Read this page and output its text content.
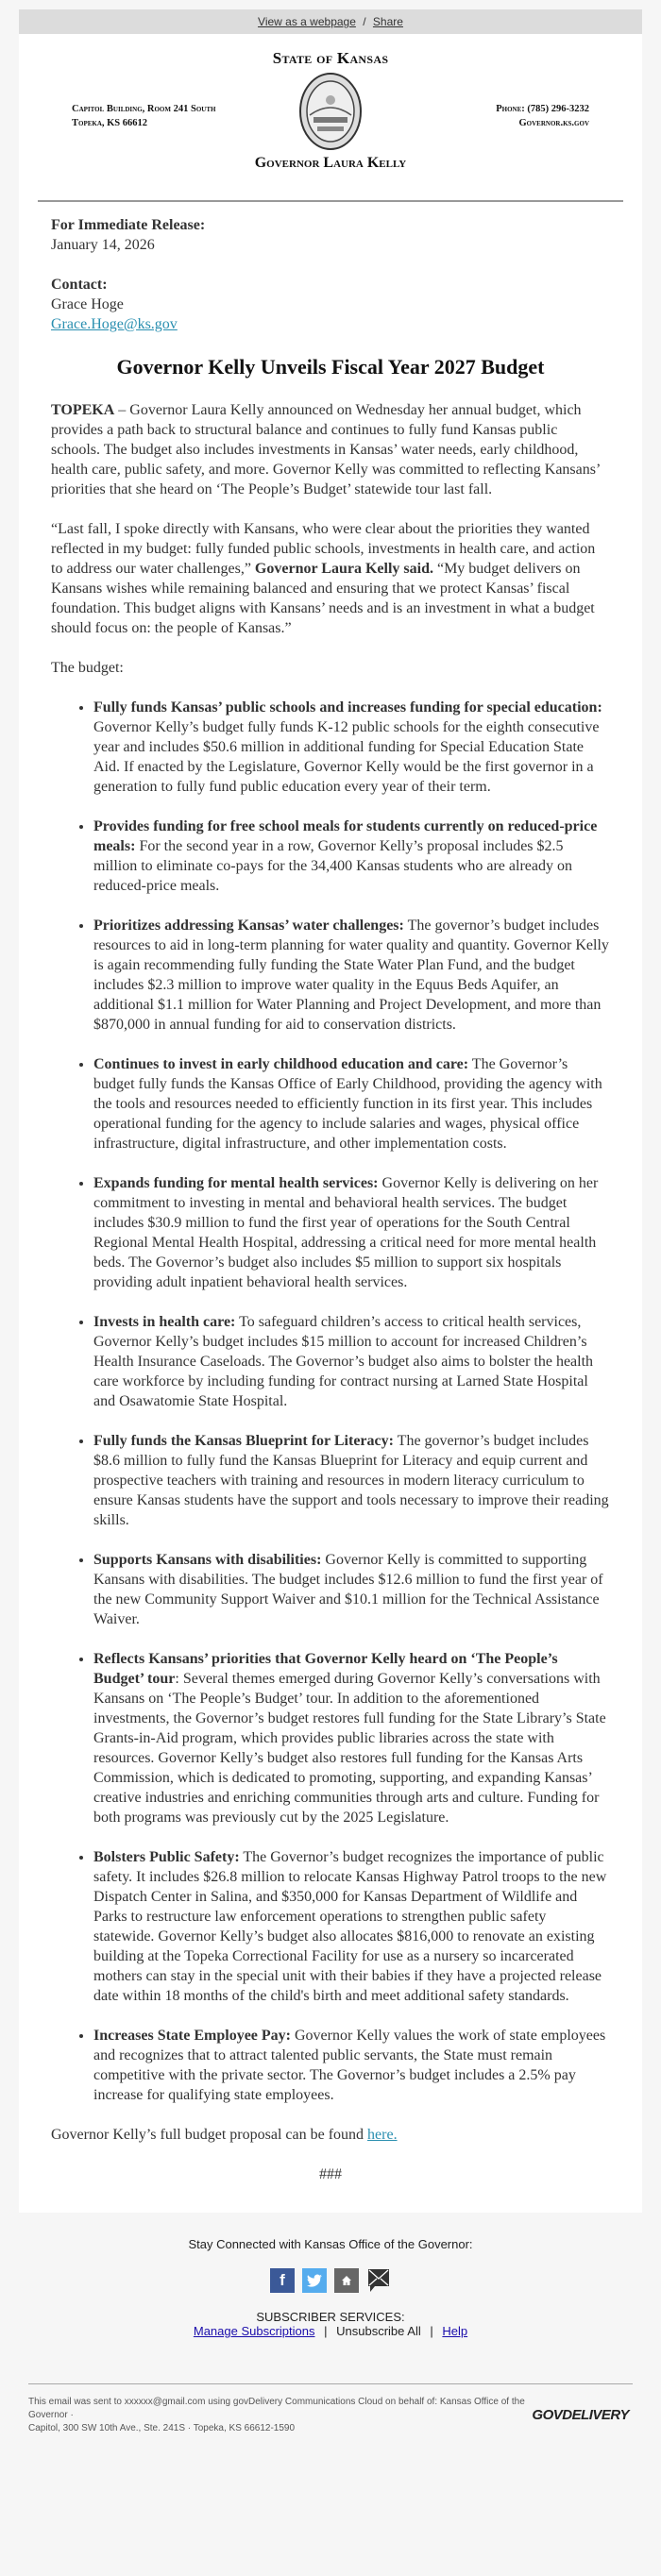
View as a webpage / Share
State of Kansas
Governor Laura Kelly
Capitol Building, Room 241 South
Topeka, KS 66612
Phone: (785) 296-3232
Governor.ks.gov

For Immediate Release:
January 14, 2026

Contact:
Grace Hoge
Grace.Hoge@ks.gov

Governor Kelly Unveils Fiscal Year 2027 Budget

TOPEKA – Governor Laura Kelly announced on Wednesday her annual budget, which provides a path back to structural balance and continues to fully fund Kansas public schools. The budget also includes investments in Kansas’ water needs, early childhood, health care, public safety, and more. Governor Kelly was committed to reflecting Kansans’ priorities that she heard on ‘The People’s Budget’ statewide tour last fall.

“Last fall, I spoke directly with Kansans, who were clear about the priorities they wanted reflected in my budget: fully funded public schools, investments in health care, and action to address our water challenges,” Governor Laura Kelly said. “My budget delivers on Kansans wishes while remaining balanced and ensuring that we protect Kansas’ fiscal foundation. This budget aligns with Kansans’ needs and is an investment in what a budget should focus on: the people of Kansas.”

The budget:

• Fully funds Kansas’ public schools and increases funding for special education: Governor Kelly’s budget fully funds K-12 public schools for the eighth consecutive year and includes $50.6 million in additional funding for Special Education State Aid. If enacted by the Legislature, Governor Kelly would be the first governor in a generation to fully fund public education every year of their term.
• Provides funding for free school meals for students currently on reduced-price meals: For the second year in a row, Governor Kelly’s proposal includes $2.5 million to eliminate co-pays for the 34,400 Kansas students who are already on reduced-price meals.
• Prioritizes addressing Kansas’ water challenges: The governor’s budget includes resources to aid in long-term planning for water quality and quantity. Governor Kelly is again recommending fully funding the State Water Plan Fund, and the budget includes $2.3 million to improve water quality in the Equus Beds Aquifer, an additional $1.1 million for Water Planning and Project Development, and more than $870,000 in annual funding for aid to conservation districts.
• Continues to invest in early childhood education and care: The Governor’s budget fully funds the Kansas Office of Early Childhood, providing the agency with the tools and resources needed to efficiently function in its first year. This includes operational funding for the agency to include salaries and wages, physical office infrastructure, digital infrastructure, and other implementation costs.
• Expands funding for mental health services: Governor Kelly is delivering on her commitment to investing in mental and behavioral health services. The budget includes $30.9 million to fund the first year of operations for the South Central Regional Mental Health Hospital, addressing a critical need for more mental health beds. The Governor’s budget also includes $5 million to support six hospitals providing adult inpatient behavioral health services.
• Invests in health care: To safeguard children’s access to critical health services, Governor Kelly’s budget includes $15 million to account for increased Children’s Health Insurance Caseloads. The Governor’s budget also aims to bolster the health care workforce by including funding for contract nursing at Larned State Hospital and Osawatomie State Hospital.
• Fully funds the Kansas Blueprint for Literacy: The governor’s budget includes $8.6 million to fully fund the Kansas Blueprint for Literacy and equip current and prospective teachers with training and resources in modern literacy curriculum to ensure Kansas students have the support and tools necessary to improve their reading skills.
• Supports Kansans with disabilities: Governor Kelly is committed to supporting Kansans with disabilities. The budget includes $12.6 million to fund the first year of the new Community Support Waiver and $10.1 million for the Technical Assistance Waiver.
• Reflects Kansans’ priorities that Governor Kelly heard on ‘The People’s Budget’ tour: Several themes emerged during Governor Kelly’s conversations with Kansans on ‘The People’s Budget’ tour. In addition to the aforementioned investments, the Governor’s budget restores full funding for the State Library’s State Grants-in-Aid program, which provides public libraries across the state with resources. Governor Kelly’s budget also restores full funding for the Kansas Arts Commission, which is dedicated to promoting, supporting, and expanding Kansas’ creative industries and enriching communities through arts and culture. Funding for both programs was previously cut by the 2025 Legislature.
• Bolsters Public Safety: The Governor’s budget recognizes the importance of public safety. It includes $26.8 million to relocate Kansas Highway Patrol troops to the new Dispatch Center in Salina, and $350,000 for Kansas Department of Wildlife and Parks to restructure law enforcement operations to strengthen public safety statewide. Governor Kelly’s budget also allocates $816,000 to renovate an existing building at the Topeka Correctional Facility for use as a nursery so incarcerated mothers can stay in the special unit with their babies if they have a projected release date within 18 months of the child's birth and meet additional safety standards.
• Increases State Employee Pay: Governor Kelly values the work of state employees and recognizes that to attract talented public servants, the State must remain competitive with the private sector. The Governor’s budget includes a 2.5% pay increase for qualifying state employees.

Governor Kelly’s full budget proposal can be found here.

###
Stay Connected with Kansas Office of the Governor:
f
SUBSCRIBER SERVICES:
Manage Subscriptions | Unsubscribe All | Help
This email was sent to xxxxxx@gmail.com using govDelivery Communications Cloud on behalf of: Kansas Office of the Governor ·
Capitol, 300 SW 10th Ave., Ste. 241S · Topeka, KS 66612-1590
GOVDELIVERY
